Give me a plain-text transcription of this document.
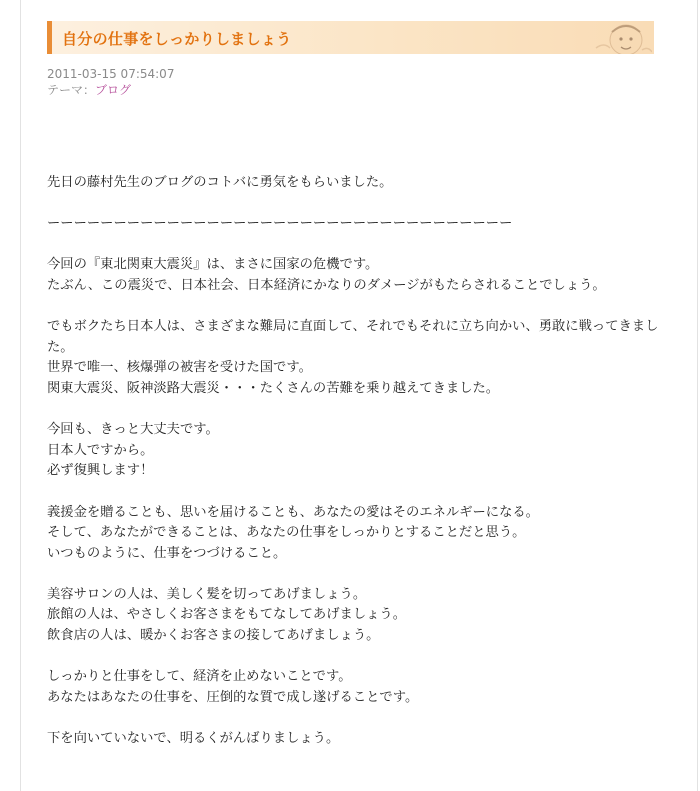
自分の仕事をしっかりしましょう
2011-03-15 07:54:07
テーマ：ブログ
先日の藤村先生のブログのコトバに勇気をもらいました。
ーーーーーーーーーーーーーーーーーーーーーーーーーーーーーーーーーーー
今回の『東北関東大震災』は、まさに国家の危機です。
たぶん、この震災で、日本社会、日本経済にかなりのダメージがもたらされることでしょう。
でもボクたち日本人は、さまざまな難局に直面して、それでもそれに立ち向かい、勇敢に戦ってきました。
世界で唯一、核爆弾の被害を受けた国です。
関東大震災、阪神淡路大震災・・・たくさんの苦難を乗り越えてきました。
今回も、きっと大丈夫です。
日本人ですから。
必ず復興します！
義援金を贈ることも、思いを届けることも、あなたの愛はそのエネルギーになる。
そして、あなたができることは、あなたの仕事をしっかりとすることだと思う。
いつものように、仕事をつづけること。
美容サロンの人は、美しく髪を切ってあげましょう。
旅館の人は、やさしくお客さまをもてなしてあげましょう。
飲食店の人は、暖かくお客さまの接してあげましょう。
しっかりと仕事をして、経済を止めないことです。
あなたはあなたの仕事を、圧倒的な質で成し遂げることです。
下を向いていないで、明るくがんばりましょう。
